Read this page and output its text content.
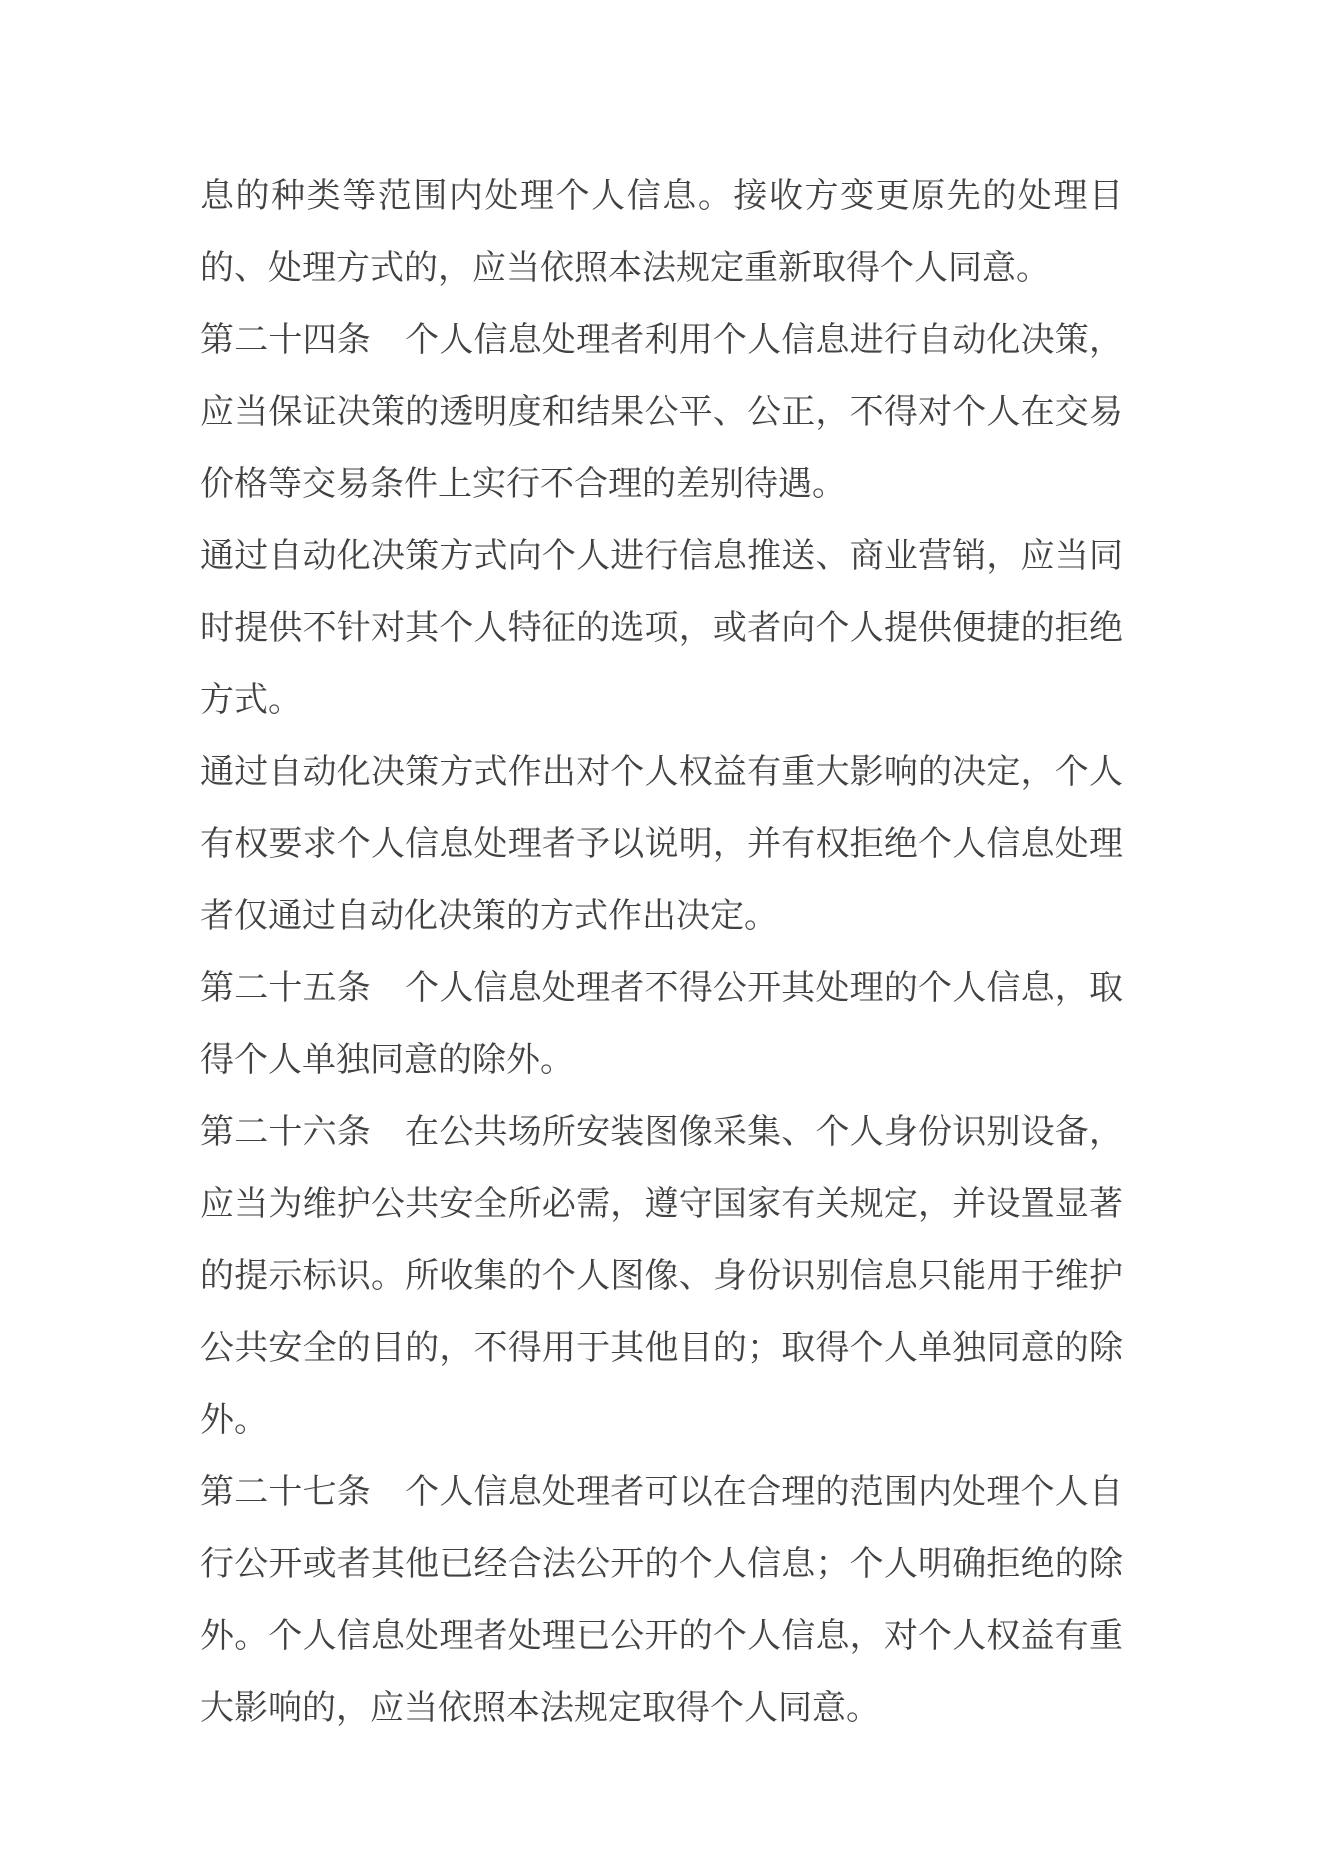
息的种类等范围内处理个人信息。接收方变更原先的处理目
的、处理方式的，应当依照本法规定重新取得个人同意。
第二十四条　个人信息处理者利用个人信息进行自动化决策，
应当保证决策的透明度和结果公平、公正，不得对个人在交易
价格等交易条件上实行不合理的差别待遇。
通过自动化决策方式向个人进行信息推送、商业营销，应当同
时提供不针对其个人特征的选项，或者向个人提供便捷的拒绝
方式。
通过自动化决策方式作出对个人权益有重大影响的决定，个人
有权要求个人信息处理者予以说明，并有权拒绝个人信息处理
者仅通过自动化决策的方式作出决定。
第二十五条　个人信息处理者不得公开其处理的个人信息，取
得个人单独同意的除外。
第二十六条　在公共场所安装图像采集、个人身份识别设备，
应当为维护公共安全所必需，遵守国家有关规定，并设置显著
的提示标识。所收集的个人图像、身份识别信息只能用于维护
公共安全的目的，不得用于其他目的；取得个人单独同意的除
外。
第二十七条　个人信息处理者可以在合理的范围内处理个人自
行公开或者其他已经合法公开的个人信息；个人明确拒绝的除
外。个人信息处理者处理已公开的个人信息，对个人权益有重
大影响的，应当依照本法规定取得个人同意。
